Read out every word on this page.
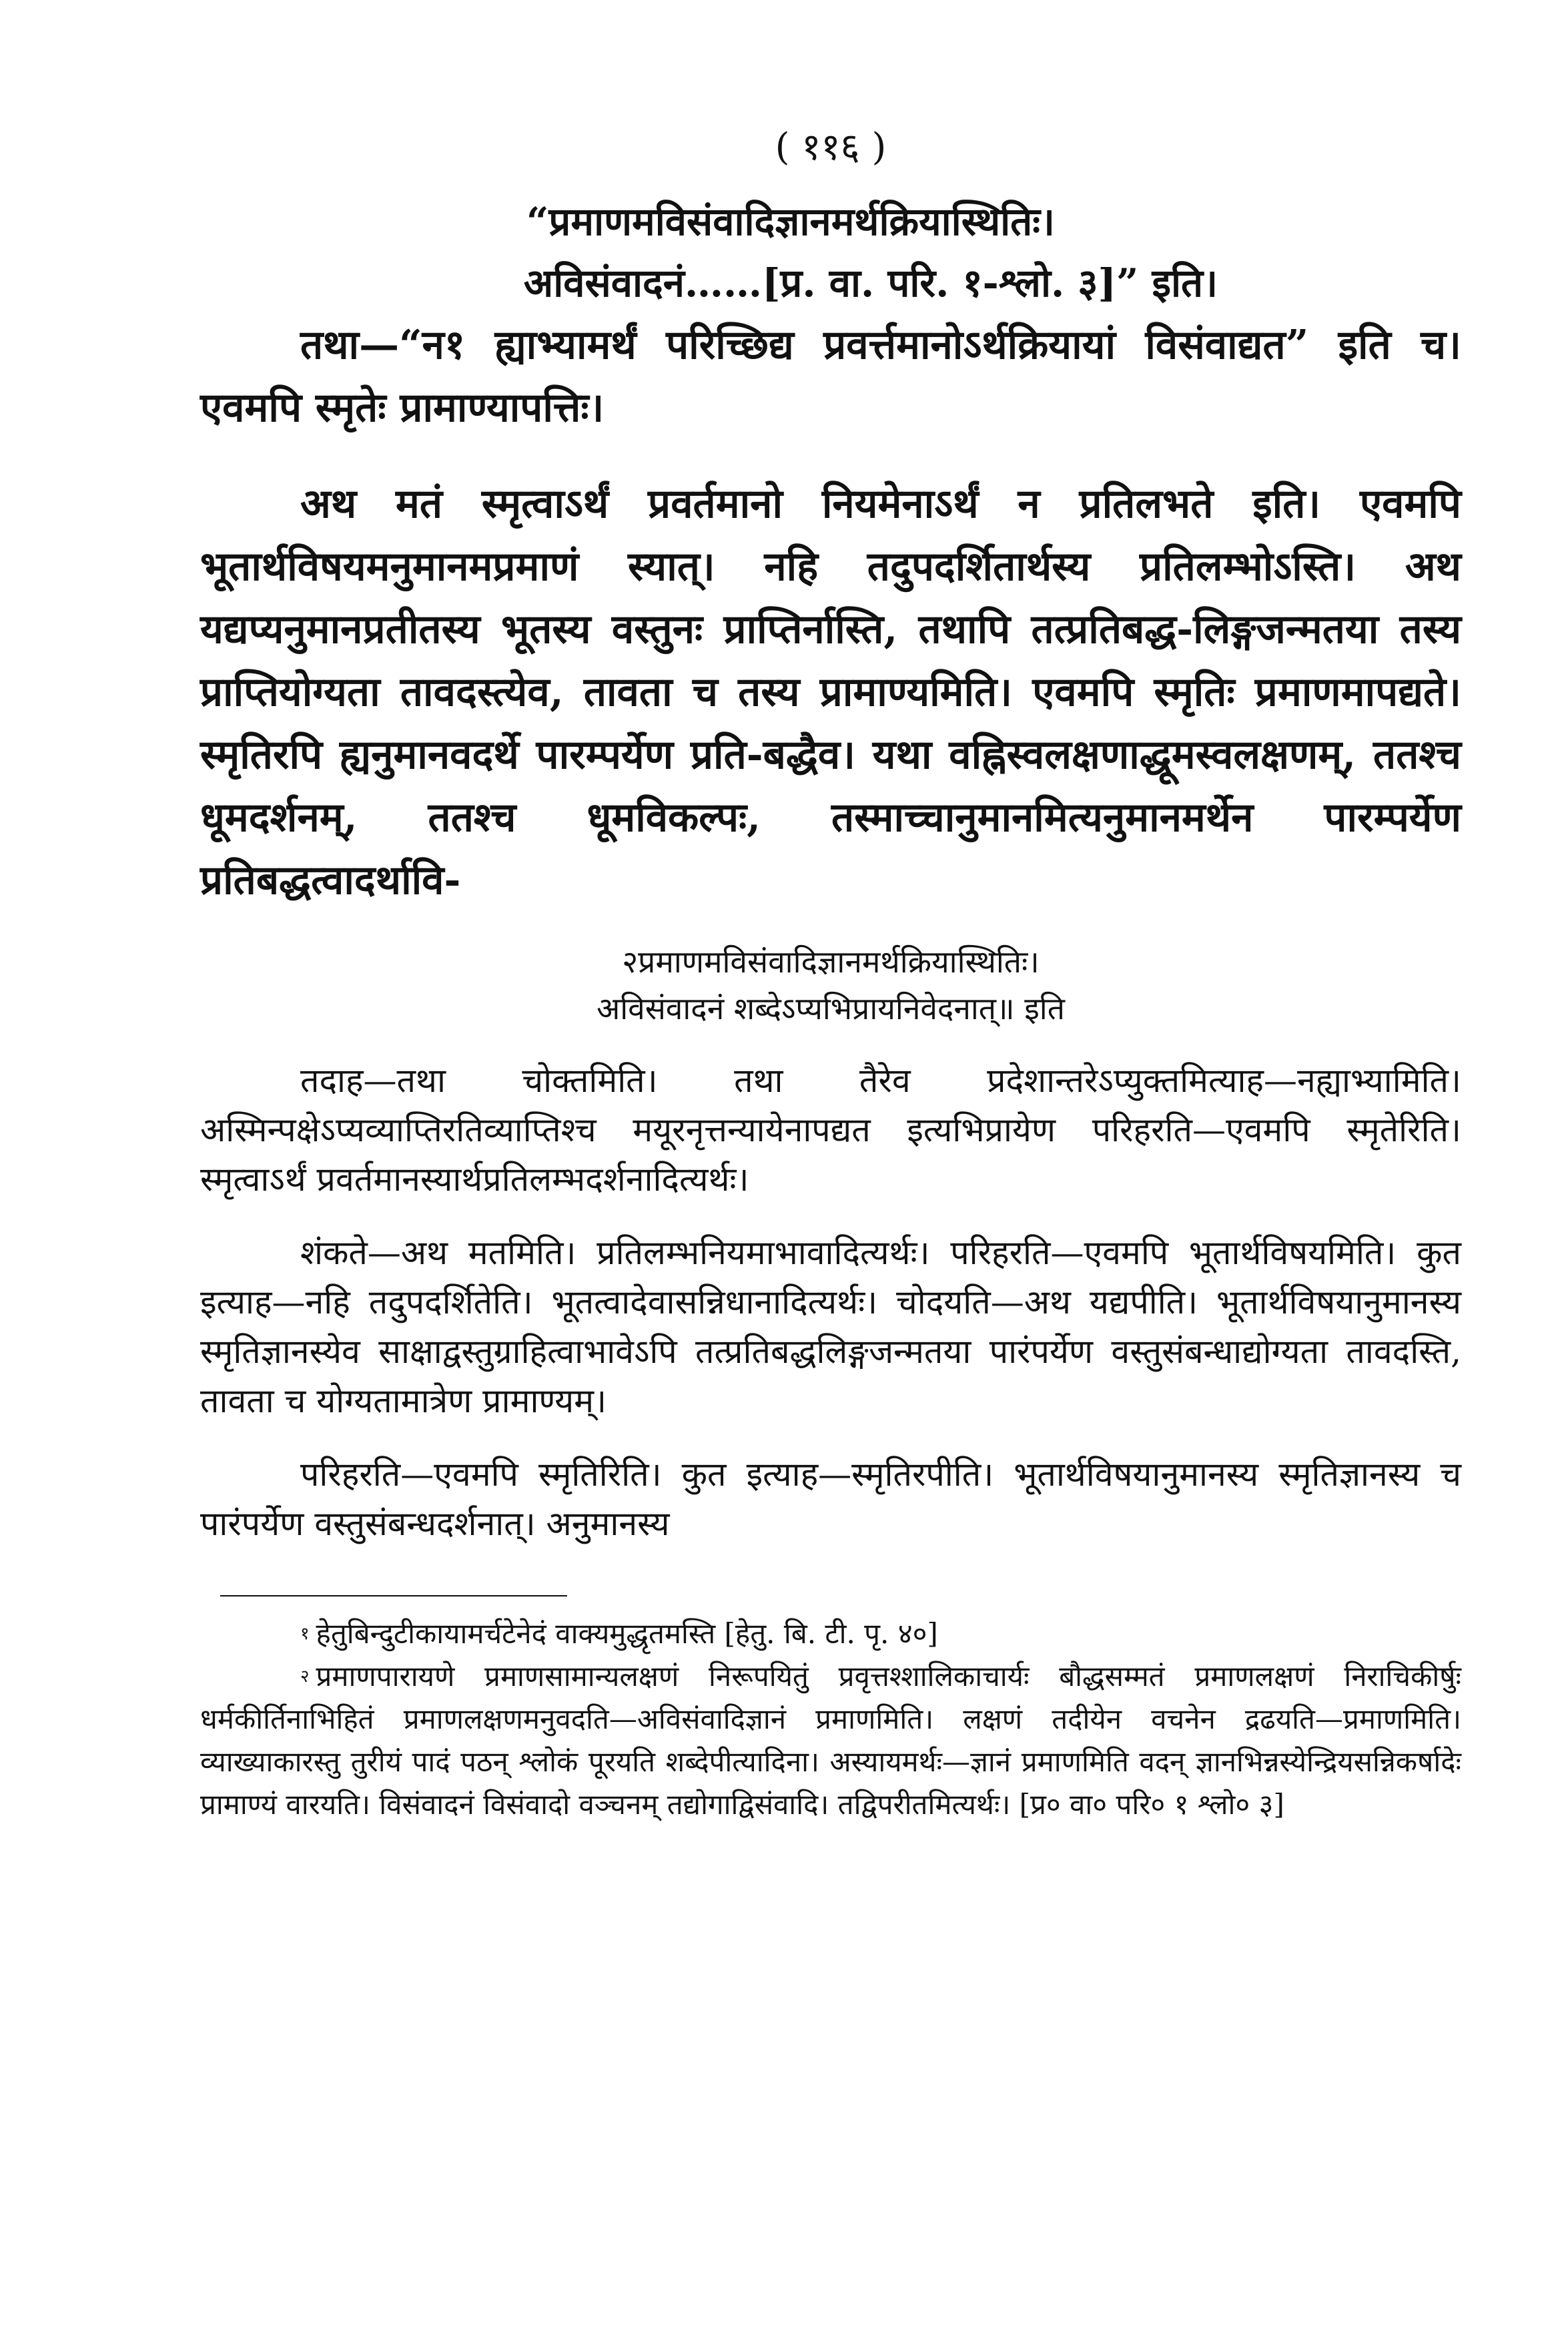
( ११६ )
“प्रमाणमविसंवादिज्ञानमर्थक्रियास्थितिः।
अविसंवादनं……[प्र. वा. परि. १-श्लो. ३]” इति।
तथा—“न१ ह्याभ्यामर्थं परिच्छिद्य प्रवर्त्तमानोऽर्थक्रियायां विसंवाद्यत” इति च। एवमपि स्मृतेः प्रामाण्यापत्तिः।
अथ मतं स्मृत्वाऽर्थं प्रवर्तमानो नियमेनाऽर्थं न प्रतिलभते इति। एवमपि भूतार्थविषयमनुमानमप्रमाणं स्यात्। नहि तदुपदर्शितार्थस्य प्रतिलम्भोऽस्ति। अथ यद्यप्यनुमानप्रतीतस्य भूतस्य वस्तुनः प्राप्तिर्नास्ति, तथापि तत्प्रतिबद्ध-लिङ्गजन्मतया तस्य प्राप्तियोग्यता तावदस्त्येव, तावता च तस्य प्रामाण्यमिति। एवमपि स्मृतिः प्रमाणमापद्यते। स्मृतिरपि ह्यनुमानवदर्थे पारम्पर्येण प्रति-बद्धैव। यथा वह्निस्वलक्षणाद्धूमस्वलक्षणम्, ततश्च धूमदर्शनम्, ततश्च धूमविकल्पः, तस्माच्चानुमानमित्यनुमानमर्थेन पारम्पर्येण प्रतिबद्धत्वादर्थावि-
२प्रमाणमविसंवादिज्ञानमर्थक्रियास्थितिः।
अविसंवादनं शब्देऽप्यभिप्रायनिवेदनात्॥ इति
तदाह—तथा चोक्तमिति। तथा तैरेव प्रदेशान्तरेऽप्युक्तमित्याह—नह्याभ्यामिति। अस्मिन्पक्षेऽप्यव्याप्तिरतिव्याप्तिश्च मयूरनृत्तन्यायेनापद्यत इत्यभिप्रायेण परिहरति—एवमपि स्मृतेरिति। स्मृत्वाऽर्थं प्रवर्तमानस्यार्थप्रतिलम्भदर्शनादित्यर्थः।
शंकते—अथ मतमिति। प्रतिलम्भनियमाभावादित्यर्थः। परिहरति—एवमपि भूतार्थविषयमिति। कुत इत्याह—नहि तदुपदर्शितेति। भूतत्वादेवासन्निधानादित्यर्थः। चोदयति—अथ यद्यपीति। भूतार्थविषयानुमानस्य स्मृतिज्ञानस्येव साक्षाद्वस्तुग्राहित्वाभावेऽपि तत्प्रतिबद्धलिङ्गजन्मतया पारंपर्येण वस्तुसंबन्धाद्योग्यता तावदस्ति, तावता च योग्यतामात्रेण प्रामाण्यम्।
परिहरति—एवमपि स्मृतिरिति। कुत इत्याह—स्मृतिरपीति। भूतार्थविषयानुमानस्य स्मृतिज्ञानस्य च पारंपर्येण वस्तुसंबन्धदर्शनात्। अनुमानस्य
$^१$ हेतुबिन्दुटीकायामर्चटेनेदं वाक्यमुद्धृतमस्ति [हेतु. बि. टी. पृ. ४०]
$^२$ प्रमाणपारायणे प्रमाणसामान्यलक्षणं निरूपयितुं प्रवृत्तश्शालिकाचार्यः बौद्धसम्मतं प्रमाणलक्षणं निराचिकीर्षुः धर्मकीर्तिनाभिहितं प्रमाणलक्षणमनुवदति—अविसंवादिज्ञानं प्रमाणमिति। लक्षणं तदीयेन वचनेन द्रढयति—प्रमाणमिति। व्याख्याकारस्तु तुरीयं पादं पठन् श्लोकं पूरयति शब्देपीत्यादिना। अस्यायमर्थः—ज्ञानं प्रमाणमिति वदन् ज्ञानभिन्नस्येन्द्रियसन्निकर्षादेः प्रामाण्यं वारयति। विसंवादनं विसंवादो वञ्चनम् तद्योगाद्विसंवादि। तद्विपरीतमित्यर्थः। [प्र० वा० परि० १ श्लो० ३]
